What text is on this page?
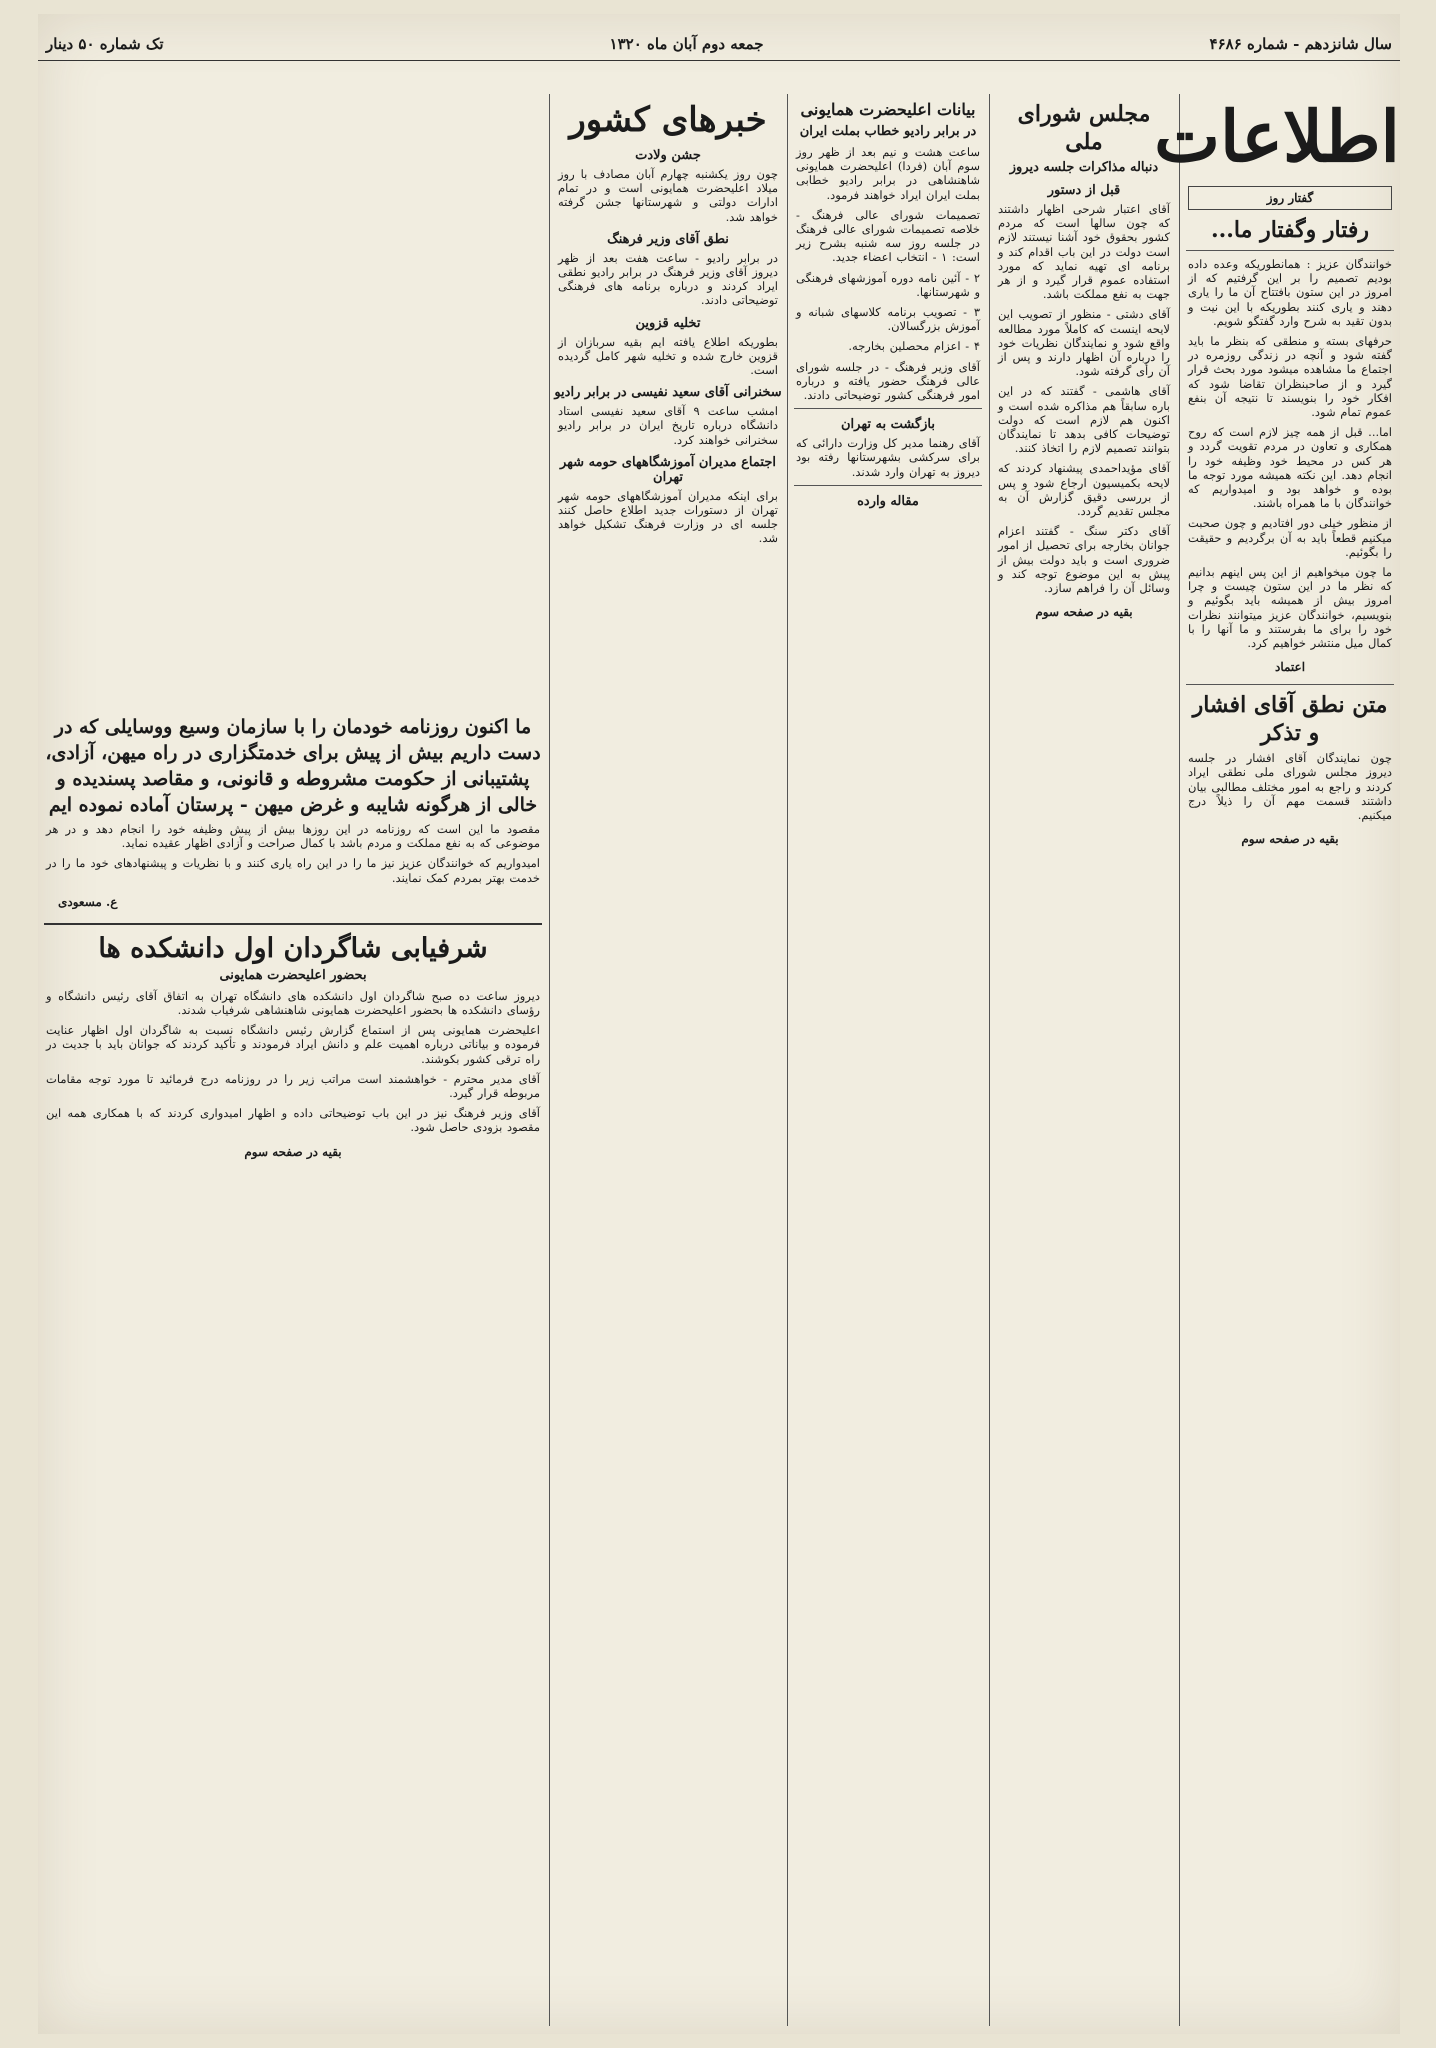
سال شانزدهم - شماره ۴۶۸۶
جمعه دوم آبان ماه ۱۳۲۰
تک شماره ۵۰ دینار
اطلاعات
گفتار روز
رفتار وگفتار ما...

خوانندگان عزیز : همانطوریکه وعده داده بودیم تصمیم را بر این گرفتیم که از امروز در این ستون بافتتاح آن ما را یاری دهند و یاری کنند بطوریکه با این نیت و بدون تقید به شرح وارد گفتگو شویم.

حرفهای بسته و منطقی که بنظر ما باید گفته شود و آنچه در زندگی روزمره در اجتماع ما مشاهده میشود مورد بحث قرار گیرد و از صاحبنظران تقاضا شود که افکار خود را بنویسند تا نتیجه آن بنفع عموم تمام شود.

اما... قبل از همه چیز لازم است که روح همکاری و تعاون در مردم تقویت گردد و هر کس در محیط خود وظیفه خود را انجام دهد. این نکته همیشه مورد توجه ما بوده و خواهد بود و امیدواریم که خوانندگان با ما همراه باشند.

از منظور خیلی دور افتادیم و چون صحبت میکنیم قطعاً باید به آن برگردیم و حقیقت را بگوئیم.

ما چون میخواهیم از این پس اینهم بدانیم که نظر ما در این ستون چیست و چرا امروز بیش از همیشه باید بگوئیم و بنویسیم، خوانندگان عزیز میتوانند نظرات خود را برای ما بفرستند و ما آنها را با کمال میل منتشر خواهیم کرد.

اعتماد
متن نطق آقای افشار و تذکر

چون نمایندگان آقای افشار در جلسه دیروز مجلس شورای ملی نطقی ایراد کردند و راجع به امور مختلف مطالبی بیان داشتند قسمت مهم آن را ذیلاً درج میکنیم.

بقیه در صفحه سوم
مجلس شورای ملی
دنباله مذاکرات جلسه دیروز
قبل از دستور

آقای اعتبار شرحی اظهار داشتند که چون سالها است که مردم کشور بحقوق خود آشنا نیستند لازم است دولت در این باب اقدام کند و برنامه ای تهیه نماید که مورد استفاده عموم قرار گیرد و از هر جهت به نفع مملکت باشد.

آقای دشتی - منظور از تصویب این لایحه اینست که کاملاً مورد مطالعه واقع شود و نمایندگان نظریات خود را درباره آن اظهار دارند و پس از آن رأی گرفته شود.

آقای هاشمی - گفتند که در این باره سابقاً هم مذاکره شده است و اکنون هم لازم است که دولت توضیحات کافی بدهد تا نمایندگان بتوانند تصمیم لازم را اتخاذ کنند.

آقای مؤیداحمدی پیشنهاد کردند که لایحه بکمیسیون ارجاع شود و پس از بررسی دقیق گزارش آن به مجلس تقدیم گردد.

آقای دکتر سنگ - گفتند اعزام جوانان بخارجه برای تحصیل از امور ضروری است و باید دولت بیش از پیش به این موضوع توجه کند و وسائل آن را فراهم سازد.

بقیه در صفحه سوم
بیانات اعلیحضرت همایونی
در برابر رادیو خطاب بملت ایران

ساعت هشت و نیم بعد از ظهر روز سوم آبان (فردا) اعلیحضرت همایونی شاهنشاهی در برابر رادیو خطابی بملت ایران ایراد خواهند فرمود.

تصمیمات شورای عالی فرهنگ - خلاصه تصمیمات شورای عالی فرهنگ در جلسه روز سه شنبه بشرح زیر است: ۱ - انتخاب اعضاء جدید.

۲ - آئین نامه دوره آموزشهای فرهنگی و شهرستانها.

۳ - تصویب برنامه کلاسهای شبانه و آموزش بزرگسالان.

۴ - اعزام محصلین بخارجه.

آقای وزیر فرهنگ - در جلسه شورای عالی فرهنگ حضور یافته و درباره امور فرهنگی کشور توضیحاتی دادند.

بازگشت به تهران

آقای رهنما مدیر کل وزارت دارائی که برای سرکشی بشهرستانها رفته بود دیروز به تهران وارد شدند.

مقاله وارده
خبرهای کشور
جشن ولادت

چون روز یکشنبه چهارم آبان مصادف با روز میلاد اعلیحضرت همایونی است و در تمام ادارات دولتی و شهرستانها جشن گرفته خواهد شد.

نطق آقای وزیر فرهنگ

در برابر رادیو - ساعت هفت بعد از ظهر دیروز آقای وزیر فرهنگ در برابر رادیو نطقی ایراد کردند و درباره برنامه های فرهنگی توضیحاتی دادند.

تخلیه قزوین

بطوریکه اطلاع یافته ایم بقیه سربازان از قزوین خارج شده و تخلیه شهر کامل گردیده است.

سخنرانی آقای سعید نفیسی در برابر رادیو

امشب ساعت ۹ آقای سعید نفیسی استاد دانشگاه درباره تاریخ ایران در برابر رادیو سخنرانی خواهند کرد.

اجتماع مدیران آموزشگاههای حومه شهر تهران

برای اینکه مدیران آموزشگاههای حومه شهر تهران از دستورات جدید اطلاع حاصل کنند جلسه ای در وزارت فرهنگ تشکیل خواهد شد.

ما اکنون روزنامه خودمان را با سازمان وسیع ووسایلی که در دست داریم بیش از پیش برای خدمتگزاری در راه میهن، آزادی، پشتیبانی از حکومت مشروطه و قانونی، و مقاصد پسندیده و خالی از هرگونه شایبه و غرض میهن - پرستان آماده نموده ایم

مقصود ما این است که روزنامه در این روزها بیش از پیش وظیفه خود را انجام دهد و در هر موضوعی که به نفع مملکت و مردم باشد با کمال صراحت و آزادی اظهار عقیده نماید.

امیدواریم که خوانندگان عزیز نیز ما را در این راه یاری کنند و با نظریات و پیشنهادهای خود ما را در خدمت بهتر بمردم کمک نمایند.

ع. مسعودی
شرفیابی شاگردان اول دانشکده ها
بحضور اعلیحضرت همایونی

دیروز ساعت ده صبح شاگردان اول دانشکده های دانشگاه تهران به اتفاق آقای رئیس دانشگاه و رؤسای دانشکده ها بحضور اعلیحضرت همایونی شاهنشاهی شرفیاب شدند.

اعلیحضرت همایونی پس از استماع گزارش رئیس دانشگاه نسبت به شاگردان اول اظهار عنایت فرموده و بیاناتی درباره اهمیت علم و دانش ایراد فرمودند و تأکید کردند که جوانان باید با جدیت در راه ترقی کشور بکوشند.

آقای مدیر محترم - خواهشمند است مراتب زیر را در روزنامه درج فرمائید تا مورد توجه مقامات مربوطه قرار گیرد.

آقای وزیر فرهنگ نیز در این باب توضیحاتی داده و اظهار امیدواری کردند که با همکاری همه این مقصود بزودی حاصل شود.

بقیه در صفحه سوم
